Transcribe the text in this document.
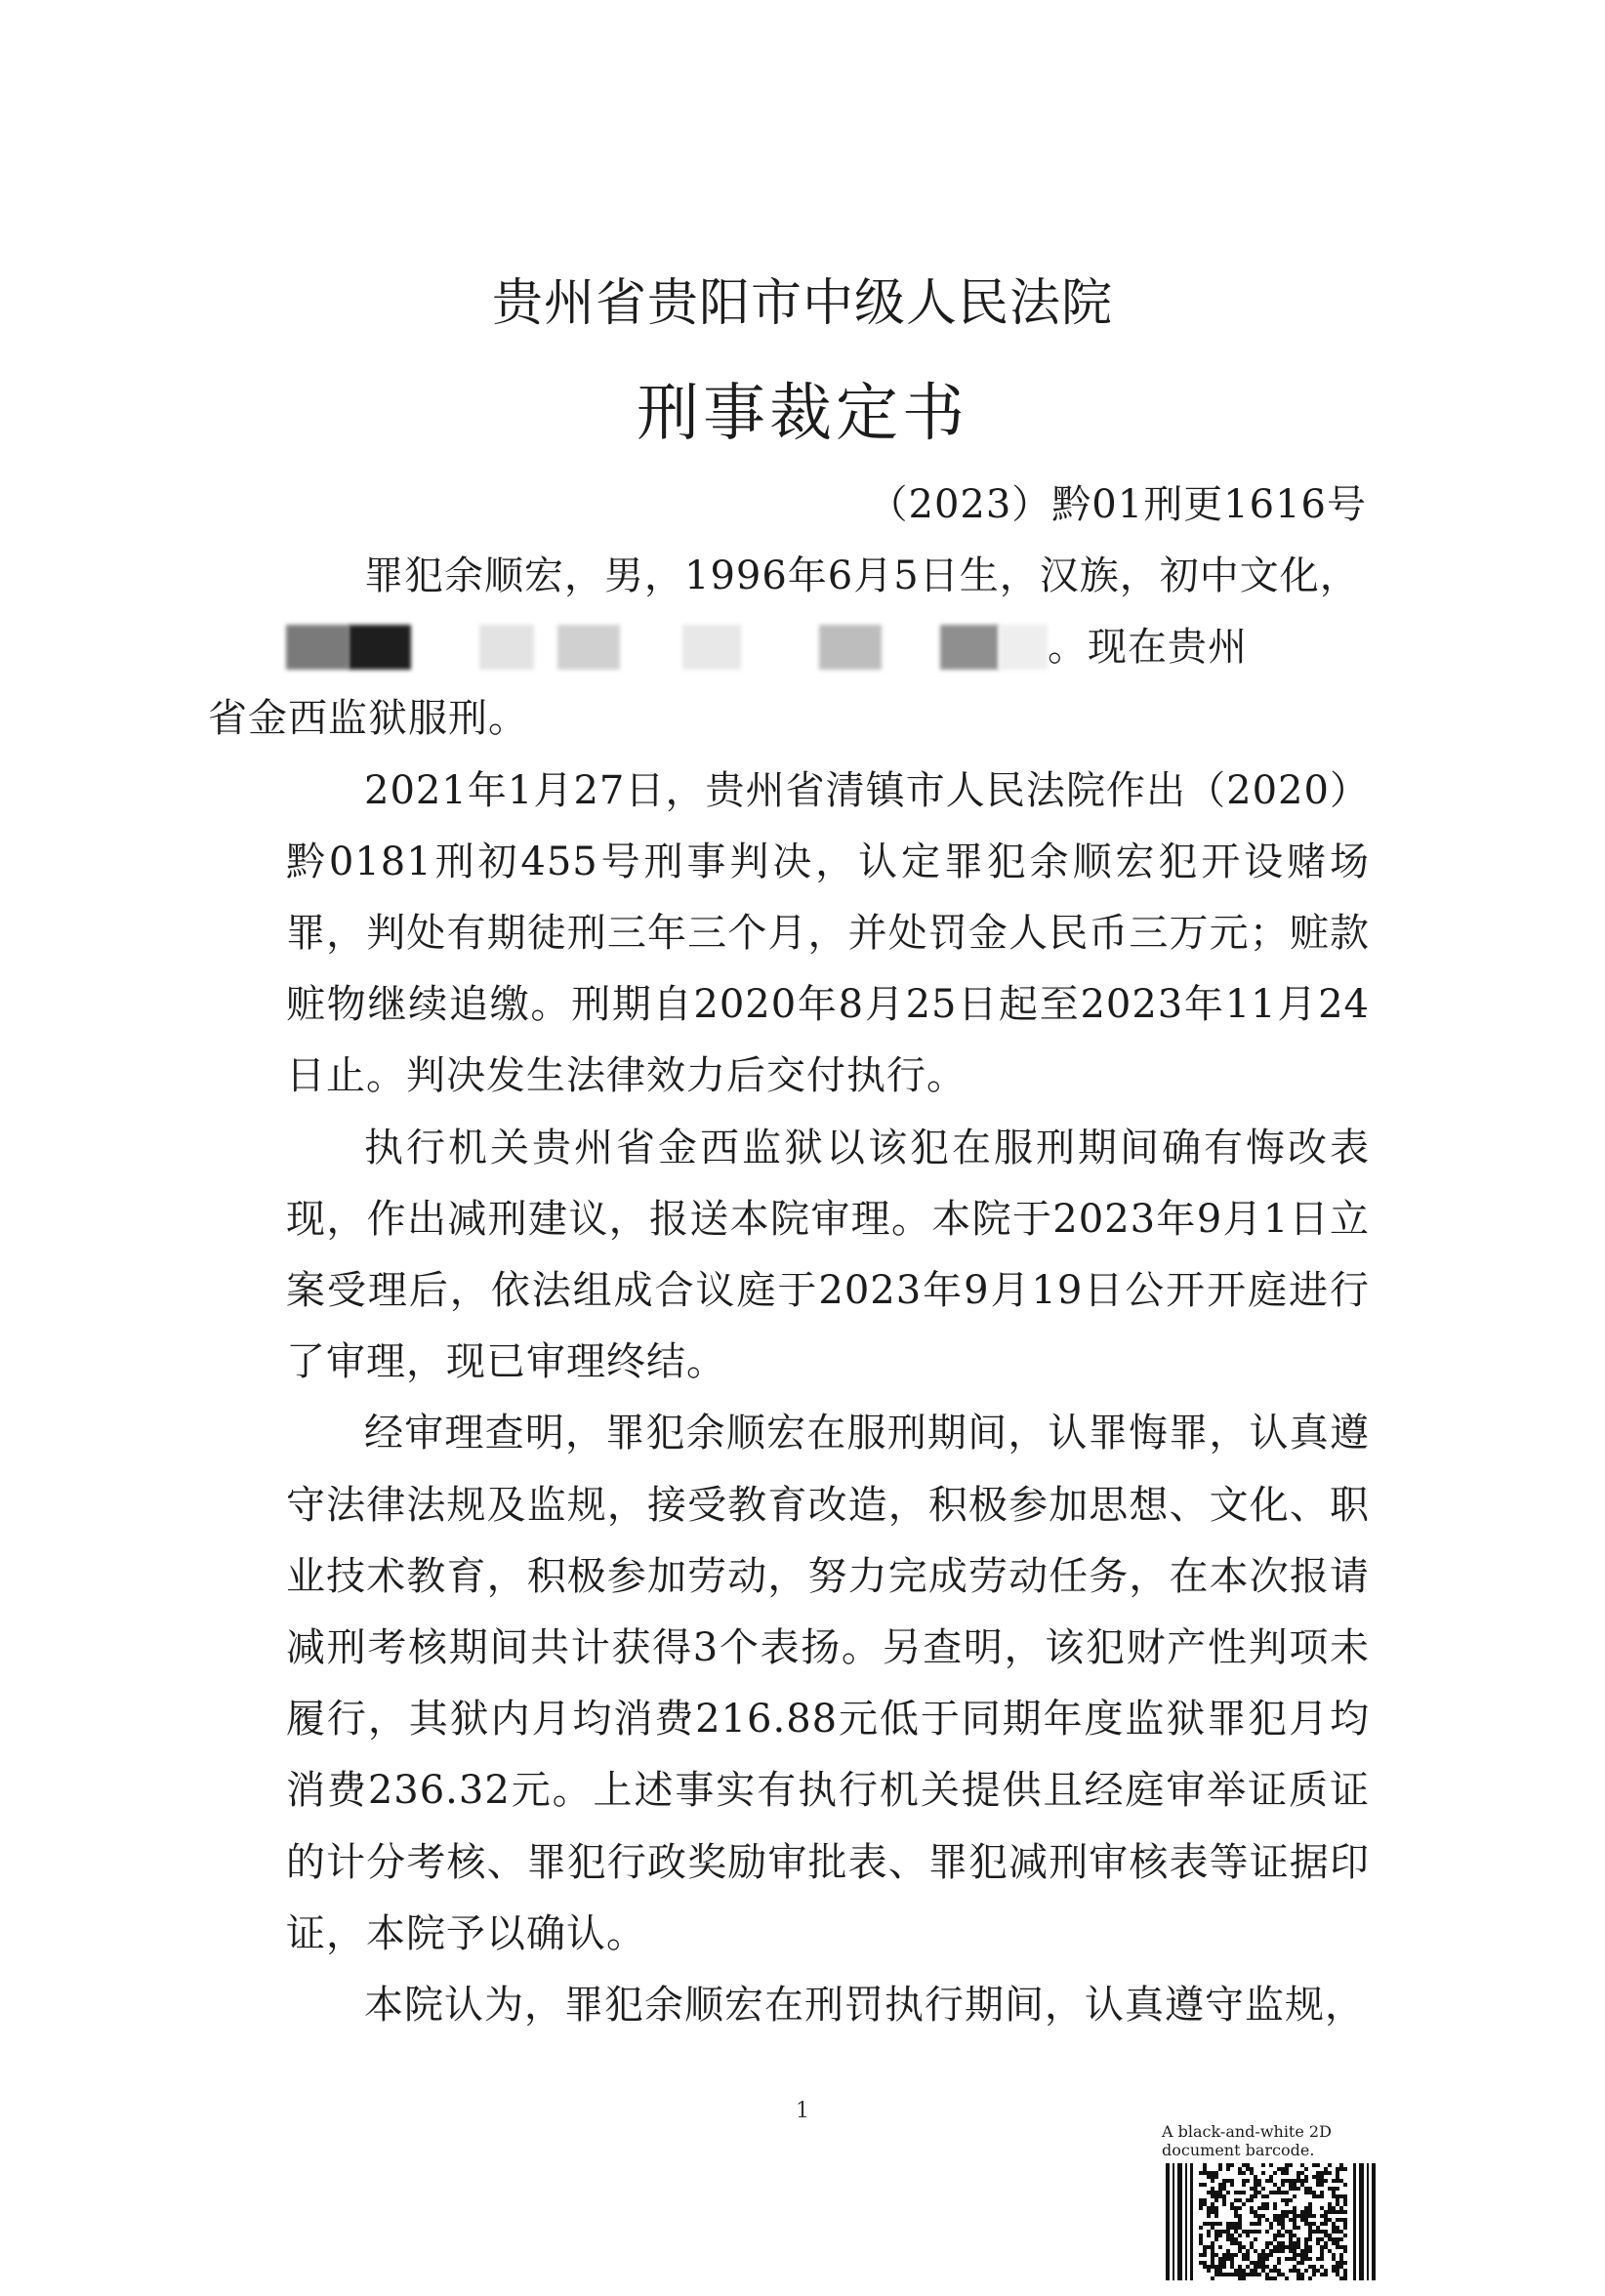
贵州省贵阳市中级人民法院
刑事裁定书
（2023）黔01刑更1616号

罪犯余顺宏，男，1996年6月5日生，汉族，初中文化，
。现在贵州
省金西监狱服刑。

2021年1月27日，贵州省清镇市人民法院作出（2020）黔0181刑初455号刑事判决，认定罪犯余顺宏犯开设赌场罪，判处有期徒刑三年三个月，并处罚金人民币三万元；赃款赃物继续追缴。刑期自2020年8月25日起至2023年11月24日止。判决发生法律效力后交付执行。

执行机关贵州省金西监狱以该犯在服刑期间确有悔改表现，作出减刑建议，报送本院审理。本院于2023年9月1日立案受理后，依法组成合议庭于2023年9月19日公开开庭进行了审理，现已审理终结。

经审理查明，罪犯余顺宏在服刑期间，认罪悔罪，认真遵守法律法规及监规，接受教育改造，积极参加思想、文化、职业技术教育，积极参加劳动，努力完成劳动任务，在本次报请减刑考核期间共计获得3个表扬。另查明，该犯财产性判项未履行，其狱内月均消费216.88元低于同期年度监狱罪犯月均消费236.32元。上述事实有执行机关提供且经庭审举证质证的计分考核、罪犯行政奖励审批表、罪犯减刑审核表等证据印证，本院予以确认。

本院认为，罪犯余顺宏在刑罚执行期间，认真遵守监规，

1
A black-and-white 2D document barcode.
